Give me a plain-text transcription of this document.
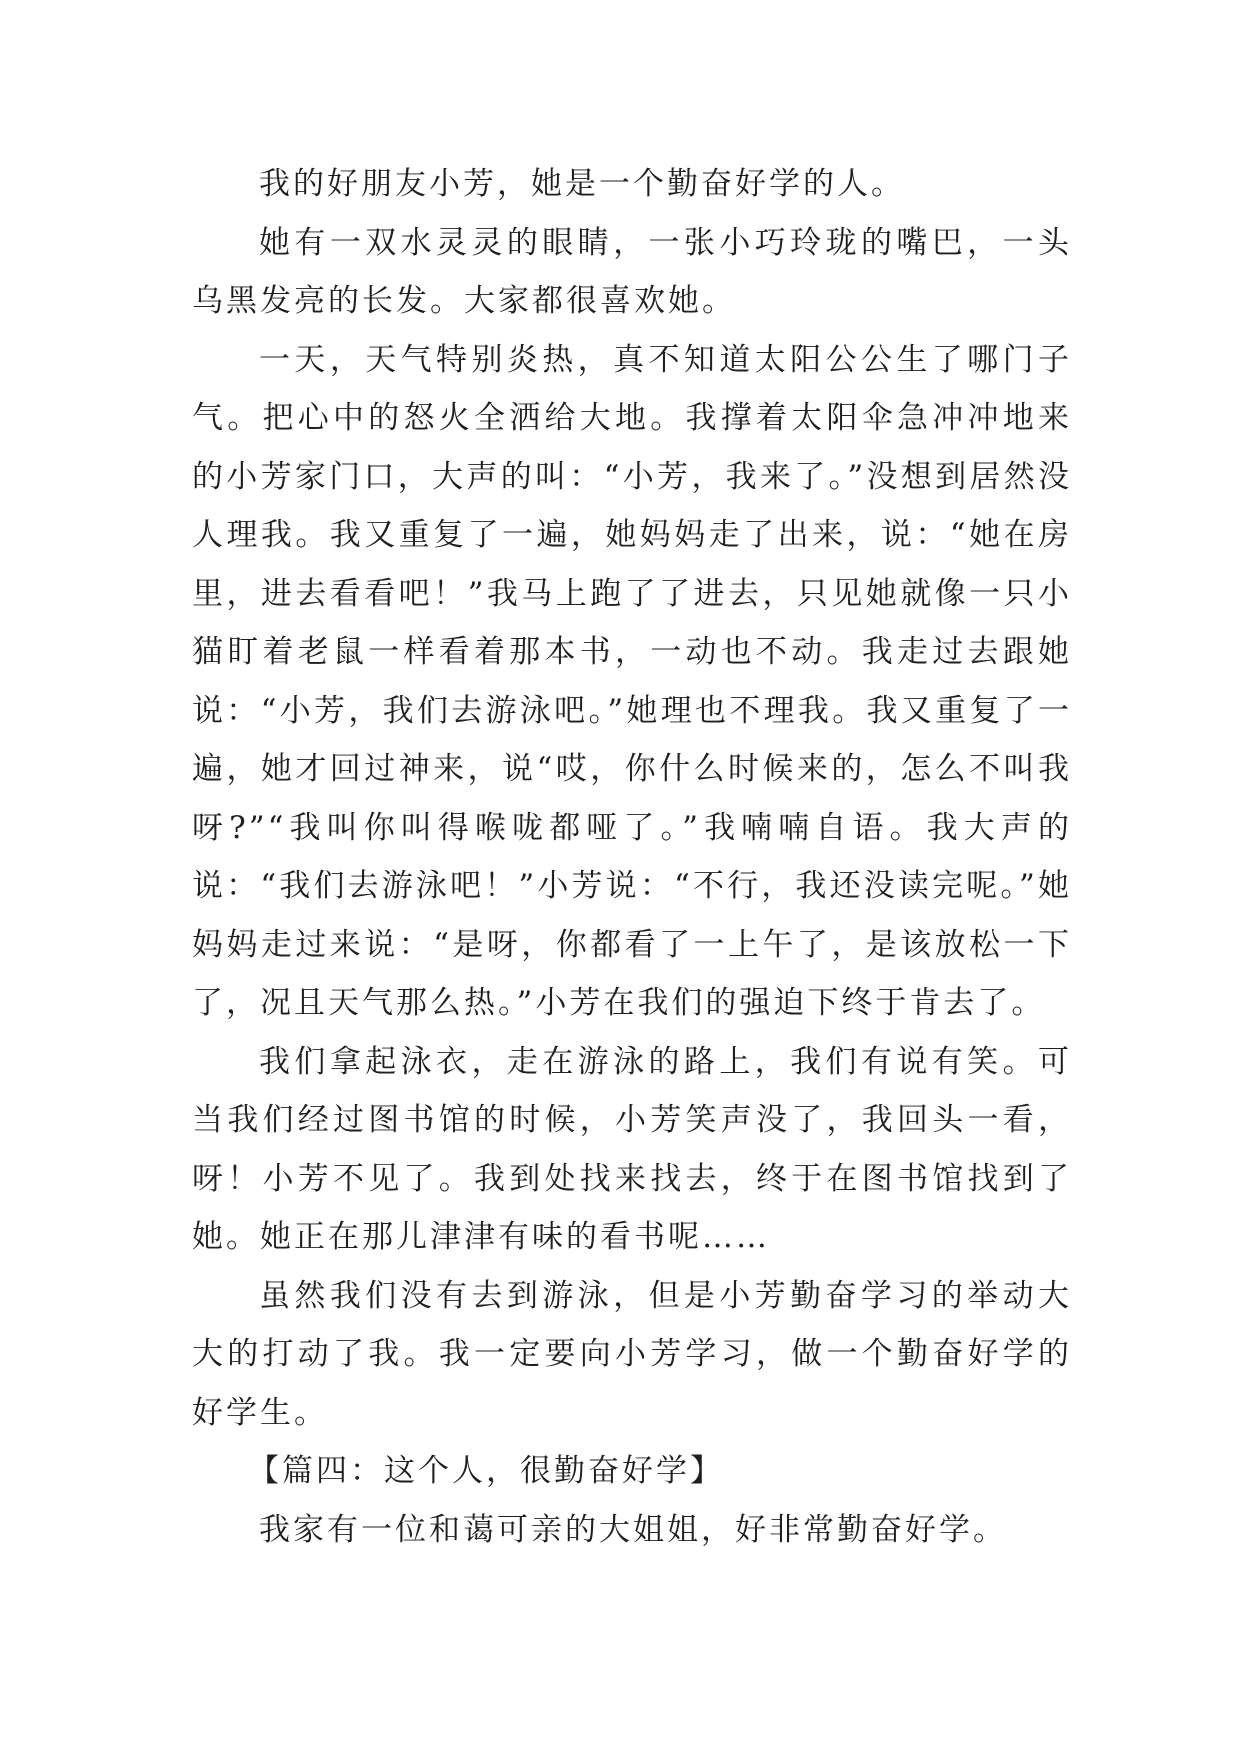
我的好朋友小芳，她是一个勤奋好学的人。

她有一双水灵灵的眼睛，一张小巧玲珑的嘴巴，一头乌黑发亮的长发。大家都很喜欢她。

一天，天气特别炎热，真不知道太阳公公生了哪门子气。把心中的怒火全洒给大地。我撑着太阳伞急冲冲地来的小芳家门口，大声的叫：“小芳，我来了。”没想到居然没人理我。我又重复了一遍，她妈妈走了出来，说：“她在房里，进去看看吧！”我马上跑了了进去，只见她就像一只小猫盯着老鼠一样看着那本书，一动也不动。我走过去跟她说：“小芳，我们去游泳吧。”她理也不理我。我又重复了一遍，她才回过神来，说“哎，你什么时候来的，怎么不叫我呀?”“我叫你叫得喉咙都哑了。”我喃喃自语。我大声的说：“我们去游泳吧！”小芳说：“不行，我还没读完呢。”她妈妈走过来说：“是呀，你都看了一上午了，是该放松一下了，况且天气那么热。”小芳在我们的强迫下终于肯去了。

我们拿起泳衣，走在游泳的路上，我们有说有笑。可当我们经过图书馆的时候，小芳笑声没了，我回头一看，呀！小芳不见了。我到处找来找去，终于在图书馆找到了她。她正在那儿津津有味的看书呢……

虽然我们没有去到游泳，但是小芳勤奋学习的举动大大的打动了我。我一定要向小芳学习，做一个勤奋好学的好学生。

【篇四：这个人，很勤奋好学】

我家有一位和蔼可亲的大姐姐，好非常勤奋好学。
